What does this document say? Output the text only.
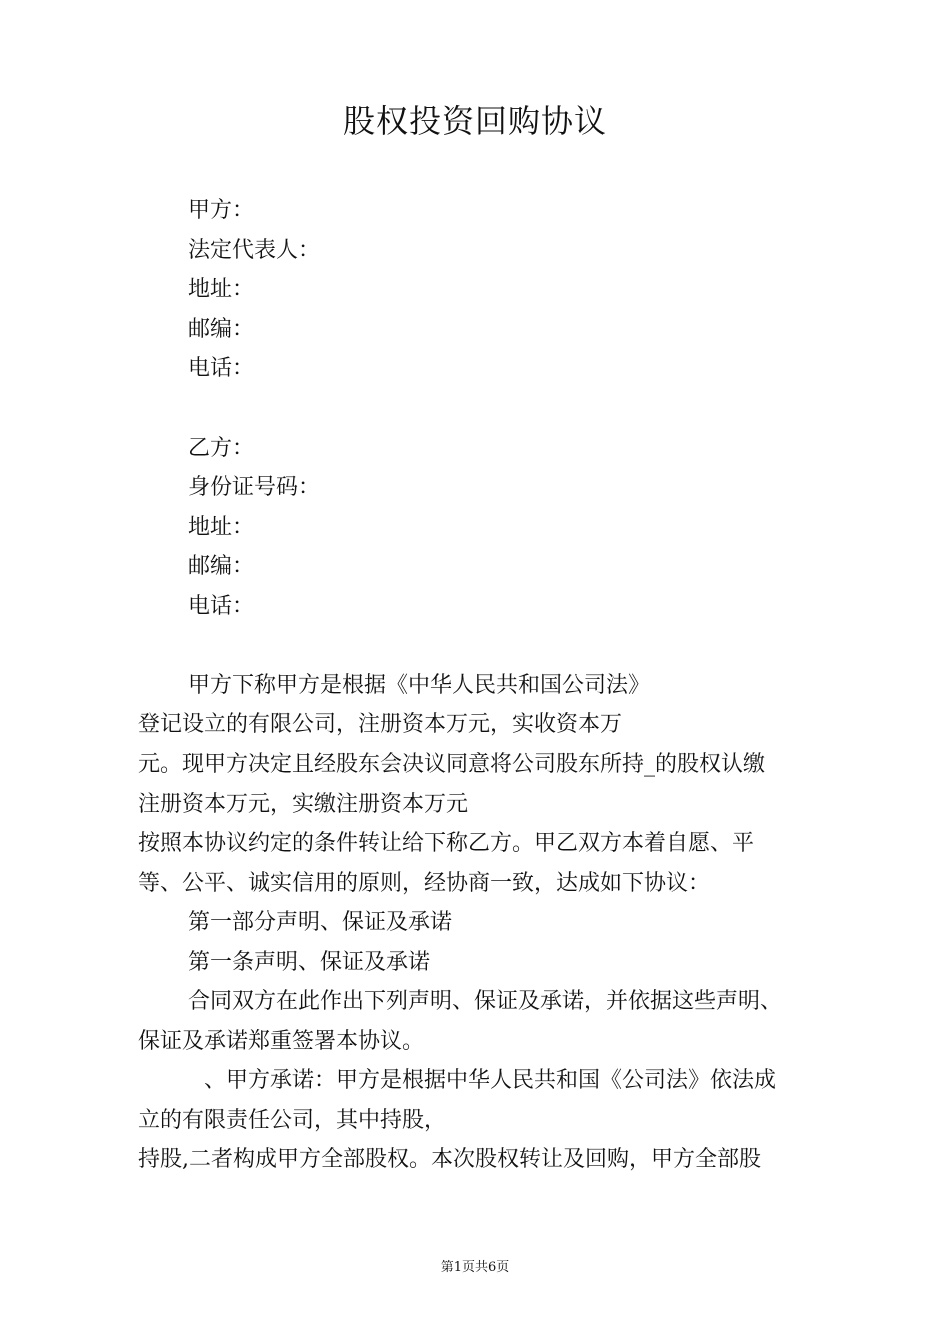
股权投资回购协议
甲方：
法定代表人：
地址：
邮编：
电话：
乙方：
身份证号码：
地址：
邮编：
电话：
甲方下称甲方是根据《中华人民共和国公司法》
登记设立的有限公司，注册资本万元，实收资本万
元。现甲方决定且经股东会决议同意将公司股东所持_的股权认缴
注册资本万元，实缴注册资本万元
按照本协议约定的条件转让给下称乙方。甲乙双方本着自愿、平
等、公平、诚实信用的原则，经协商一致，达成如下协议：
第一部分声明、保证及承诺
第一条声明、保证及承诺
合同双方在此作出下列声明、保证及承诺，并依据这些声明、
保证及承诺郑重签署本协议。
、甲方承诺：甲方是根据中华人民共和国《公司法》依法成
立的有限责任公司，其中持股，
持股,二者构成甲方全部股权。本次股权转让及回购，甲方全部股
第1页共6页
